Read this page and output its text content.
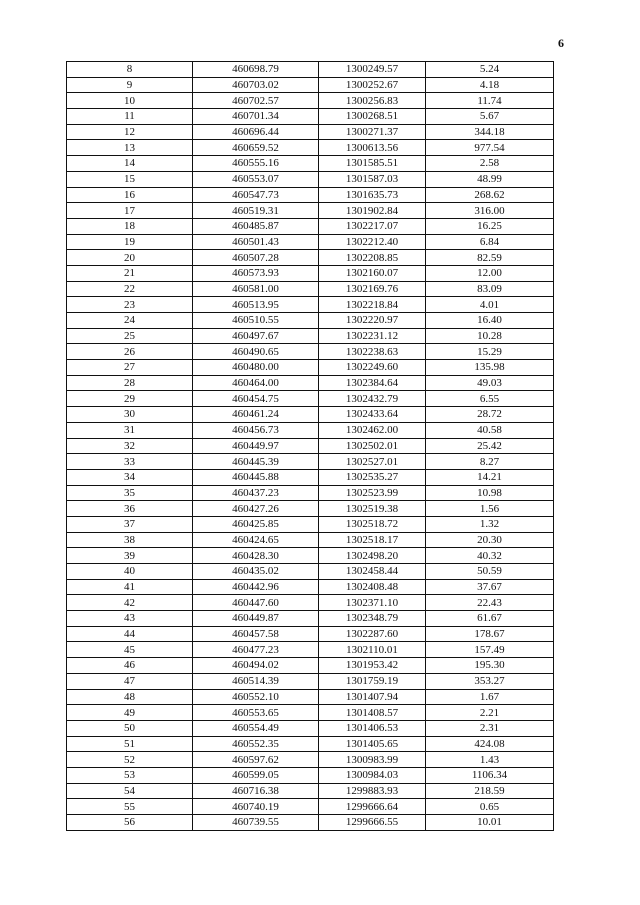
6
8	460698.79	1300249.57	5.24
9	460703.02	1300252.67	4.18
10	460702.57	1300256.83	11.74
11	460701.34	1300268.51	5.67
12	460696.44	1300271.37	344.18
13	460659.52	1300613.56	977.54
14	460555.16	1301585.51	2.58
15	460553.07	1301587.03	48.99
16	460547.73	1301635.73	268.62
17	460519.31	1301902.84	316.00
18	460485.87	1302217.07	16.25
19	460501.43	1302212.40	6.84
20	460507.28	1302208.85	82.59
21	460573.93	1302160.07	12.00
22	460581.00	1302169.76	83.09
23	460513.95	1302218.84	4.01
24	460510.55	1302220.97	16.40
25	460497.67	1302231.12	10.28
26	460490.65	1302238.63	15.29
27	460480.00	1302249.60	135.98
28	460464.00	1302384.64	49.03
29	460454.75	1302432.79	6.55
30	460461.24	1302433.64	28.72
31	460456.73	1302462.00	40.58
32	460449.97	1302502.01	25.42
33	460445.39	1302527.01	8.27
34	460445.88	1302535.27	14.21
35	460437.23	1302523.99	10.98
36	460427.26	1302519.38	1.56
37	460425.85	1302518.72	1.32
38	460424.65	1302518.17	20.30
39	460428.30	1302498.20	40.32
40	460435.02	1302458.44	50.59
41	460442.96	1302408.48	37.67
42	460447.60	1302371.10	22.43
43	460449.87	1302348.79	61.67
44	460457.58	1302287.60	178.67
45	460477.23	1302110.01	157.49
46	460494.02	1301953.42	195.30
47	460514.39	1301759.19	353.27
48	460552.10	1301407.94	1.67
49	460553.65	1301408.57	2.21
50	460554.49	1301406.53	2.31
51	460552.35	1301405.65	424.08
52	460597.62	1300983.99	1.43
53	460599.05	1300984.03	1106.34
54	460716.38	1299883.93	218.59
55	460740.19	1299666.64	0.65
56	460739.55	1299666.55	10.01
